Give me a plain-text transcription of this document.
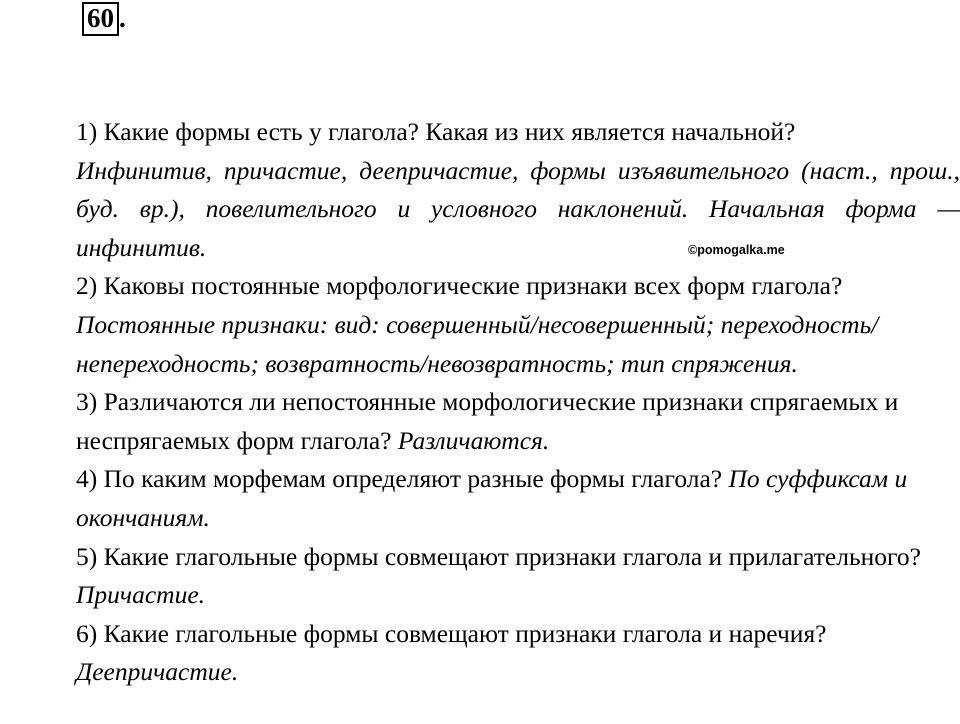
60 .

1) Какие формы есть у глагола? Какая из них является начальной?

Инфинитив, причастие, деепричастие, формы изъявительного (наст., прош., буд. вр.), повелительного и условного наклонений. Начальная форма — инфинитив.

2) Каковы постоянные морфологические признаки всех форм глагола?

Постоянные признаки: вид: совершенный/несовершенный; переходность/непереходность; возвратность/невозвратность; тип спряжения.

3) Различаются ли непостоянные морфологические признаки спрягаемых и неспрягаемых форм глагола? Различаются.

4) По каким морфемам определяют разные формы глагола? По суффиксам и окончаниям.

5) Какие глагольные формы совмещают признаки глагола и прилагательного? Причастие.

6) Какие глагольные формы совмещают признаки глагола и наречия? Деепричастие.

©pomogalka.me
